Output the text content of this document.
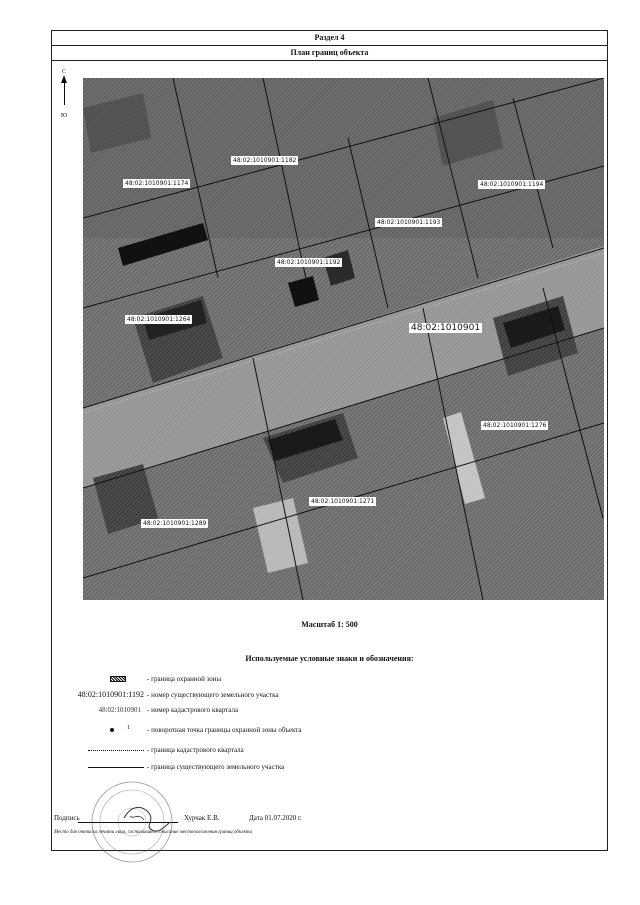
Раздел 4
План границ объекта
С
Ю
48:02:1010901:1182
48:02:1010901:1174	48:02:1010901:1194
48:02:1010901:1193
48:02:1010901:1192
48:02:1010901:1264
48:02:1010901:1276
48:02:1010901:1271
48:02:1010901:1289
48:02:1010901
Масштаб 1: 500
Используемые условные знаки и обозначения:
- граница охранной зоны
48:02:1010901:1192 - номер существующего земельного участка
48:02:1010901 - номер кадастрового квартала
1 - поворотная точка границы охранной зоны объекта
- граница кадастрового квартала
- граница существующего земельного участка
Подпись	Хурчак Е.В.	Дата 01.07.2020 г.
Место для оттиска печати лица, составившего описание местоположения границ объекта
